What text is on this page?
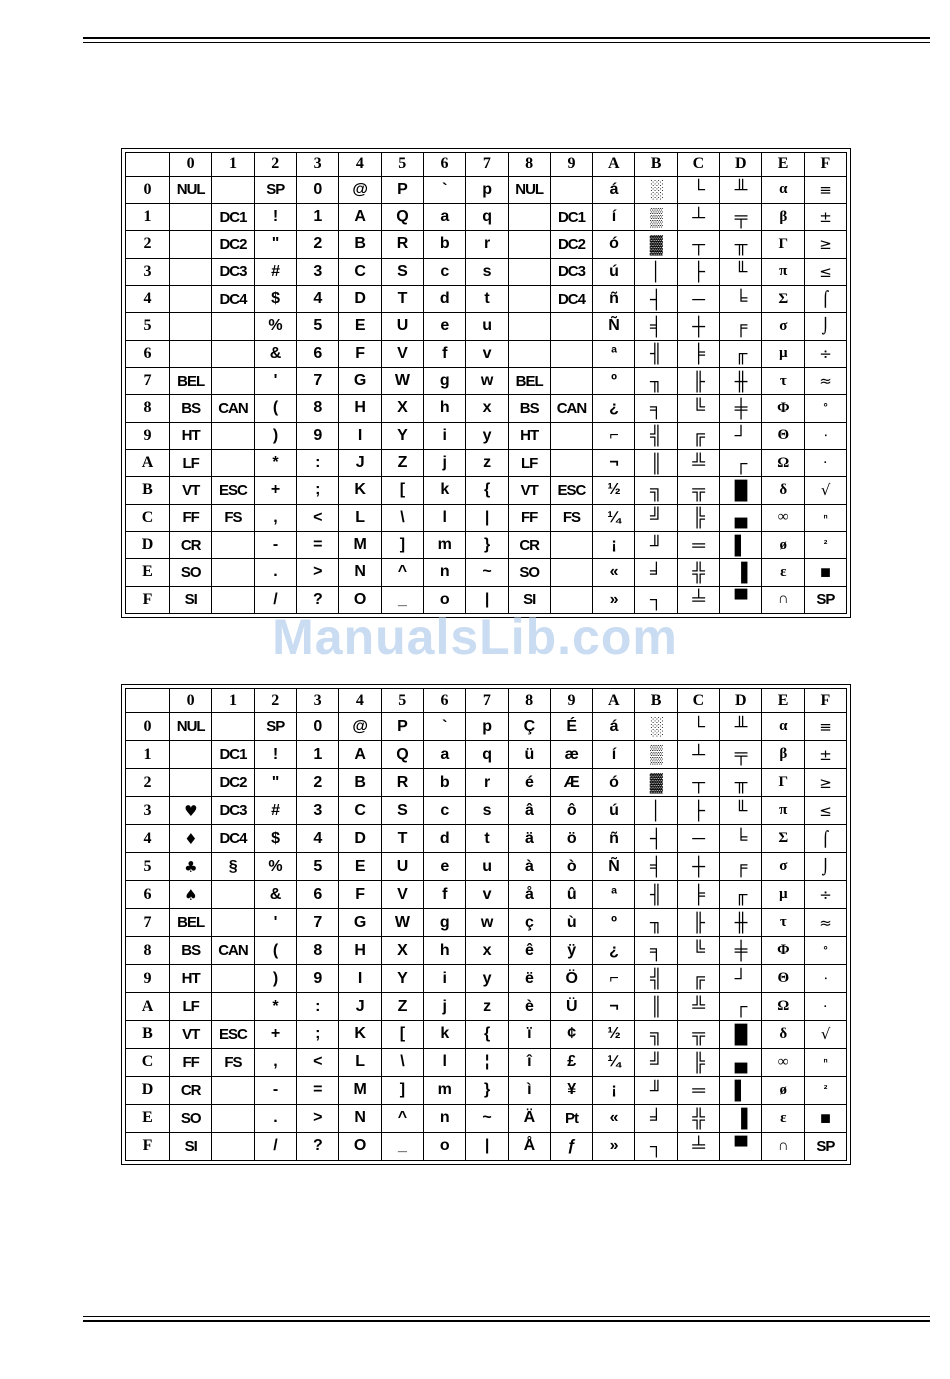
	0	1	2	3	4	5	6	7	8	9	A	B	C	D	E	F
0	NUL		SP	0	@	P	`	p	NUL		á	░	└	╨	α	≡
1		DC1	!	1	A	Q	a	q		DC1	í	▒	┴	╤	β	±
2		DC2	"	2	B	R	b	r		DC2	ó	▓	┬	╥	Γ	≥
3		DC3	#	3	C	S	c	s		DC3	ú	│	├	╙	π	≤
4		DC4	$	4	D	T	d	t		DC4	ñ	┤	─	╘	Σ	⌠
5			%	5	E	U	e	u			Ñ	╡	┼	╒	σ	⌡
6			&	6	F	V	f	v			ª	╢	╞	╓	µ	÷
7	BEL		'	7	G	W	g	w	BEL		º	╖	╟	╫	τ	≈
8	BS	CAN	(	8	H	X	h	x	BS	CAN	¿	╕	╚	╪	Φ	°
9	HT		)	9	I	Y	i	y	HT		⌐	╣	╔	┘	Θ	∙
A	LF		*	:	J	Z	j	z	LF		¬	║	╩	┌	Ω	·
B	VT	ESC	+	;	K	[	k	{	VT	ESC	½	╗	╦	█	δ	√
C	FF	FS	,	<	L	\	l	|	FF	FS	¼	╝	╠	▄	∞	ⁿ
D	CR		-	=	M	]	m	}	CR		¡	╜	═	▌	ø	²
E	SO		.	>	N	^	n	~	SO		«	╛	╬	▐	ε	■
F	SI		/	?	O	_	o	|	SI		»	┐	╧	▀	∩	SP
ManualsLib.com
	0	1	2	3	4	5	6	7	8	9	A	B	C	D	E	F
0	NUL		SP	0	@	P	`	p	Ç	É	á	░	└	╨	α	≡
1		DC1	!	1	A	Q	a	q	ü	æ	í	▒	┴	╤	β	±
2		DC2	"	2	B	R	b	r	é	Æ	ó	▓	┬	╥	Γ	≥
3	♥	DC3	#	3	C	S	c	s	â	ô	ú	│	├	╙	π	≤
4	♦	DC4	$	4	D	T	d	t	ä	ö	ñ	┤	─	╘	Σ	⌠
5	♣	§	%	5	E	U	e	u	à	ò	Ñ	╡	┼	╒	σ	⌡
6	♠		&	6	F	V	f	v	å	û	ª	╢	╞	╓	µ	÷
7	BEL		'	7	G	W	g	w	ç	ù	º	╖	╟	╫	τ	≈
8	BS	CAN	(	8	H	X	h	x	ê	ÿ	¿	╕	╚	╪	Φ	°
9	HT		)	9	I	Y	i	y	ë	Ö	⌐	╣	╔	┘	Θ	∙
A	LF		*	:	J	Z	j	z	è	Ü	¬	║	╩	┌	Ω	·
B	VT	ESC	+	;	K	[	k	{	ï	¢	½	╗	╦	█	δ	√
C	FF	FS	,	<	L	\	l	¦	î	£	¼	╝	╠	▄	∞	ⁿ
D	CR		-	=	M	]	m	}	ì	¥	¡	╜	═	▌	ø	²
E	SO		.	>	N	^	n	~	Ä	Pt	«	╛	╬	▐	ε	■
F	SI		/	?	O	_	o	|	Å	ƒ	»	┐	╧	▀	∩	SP
